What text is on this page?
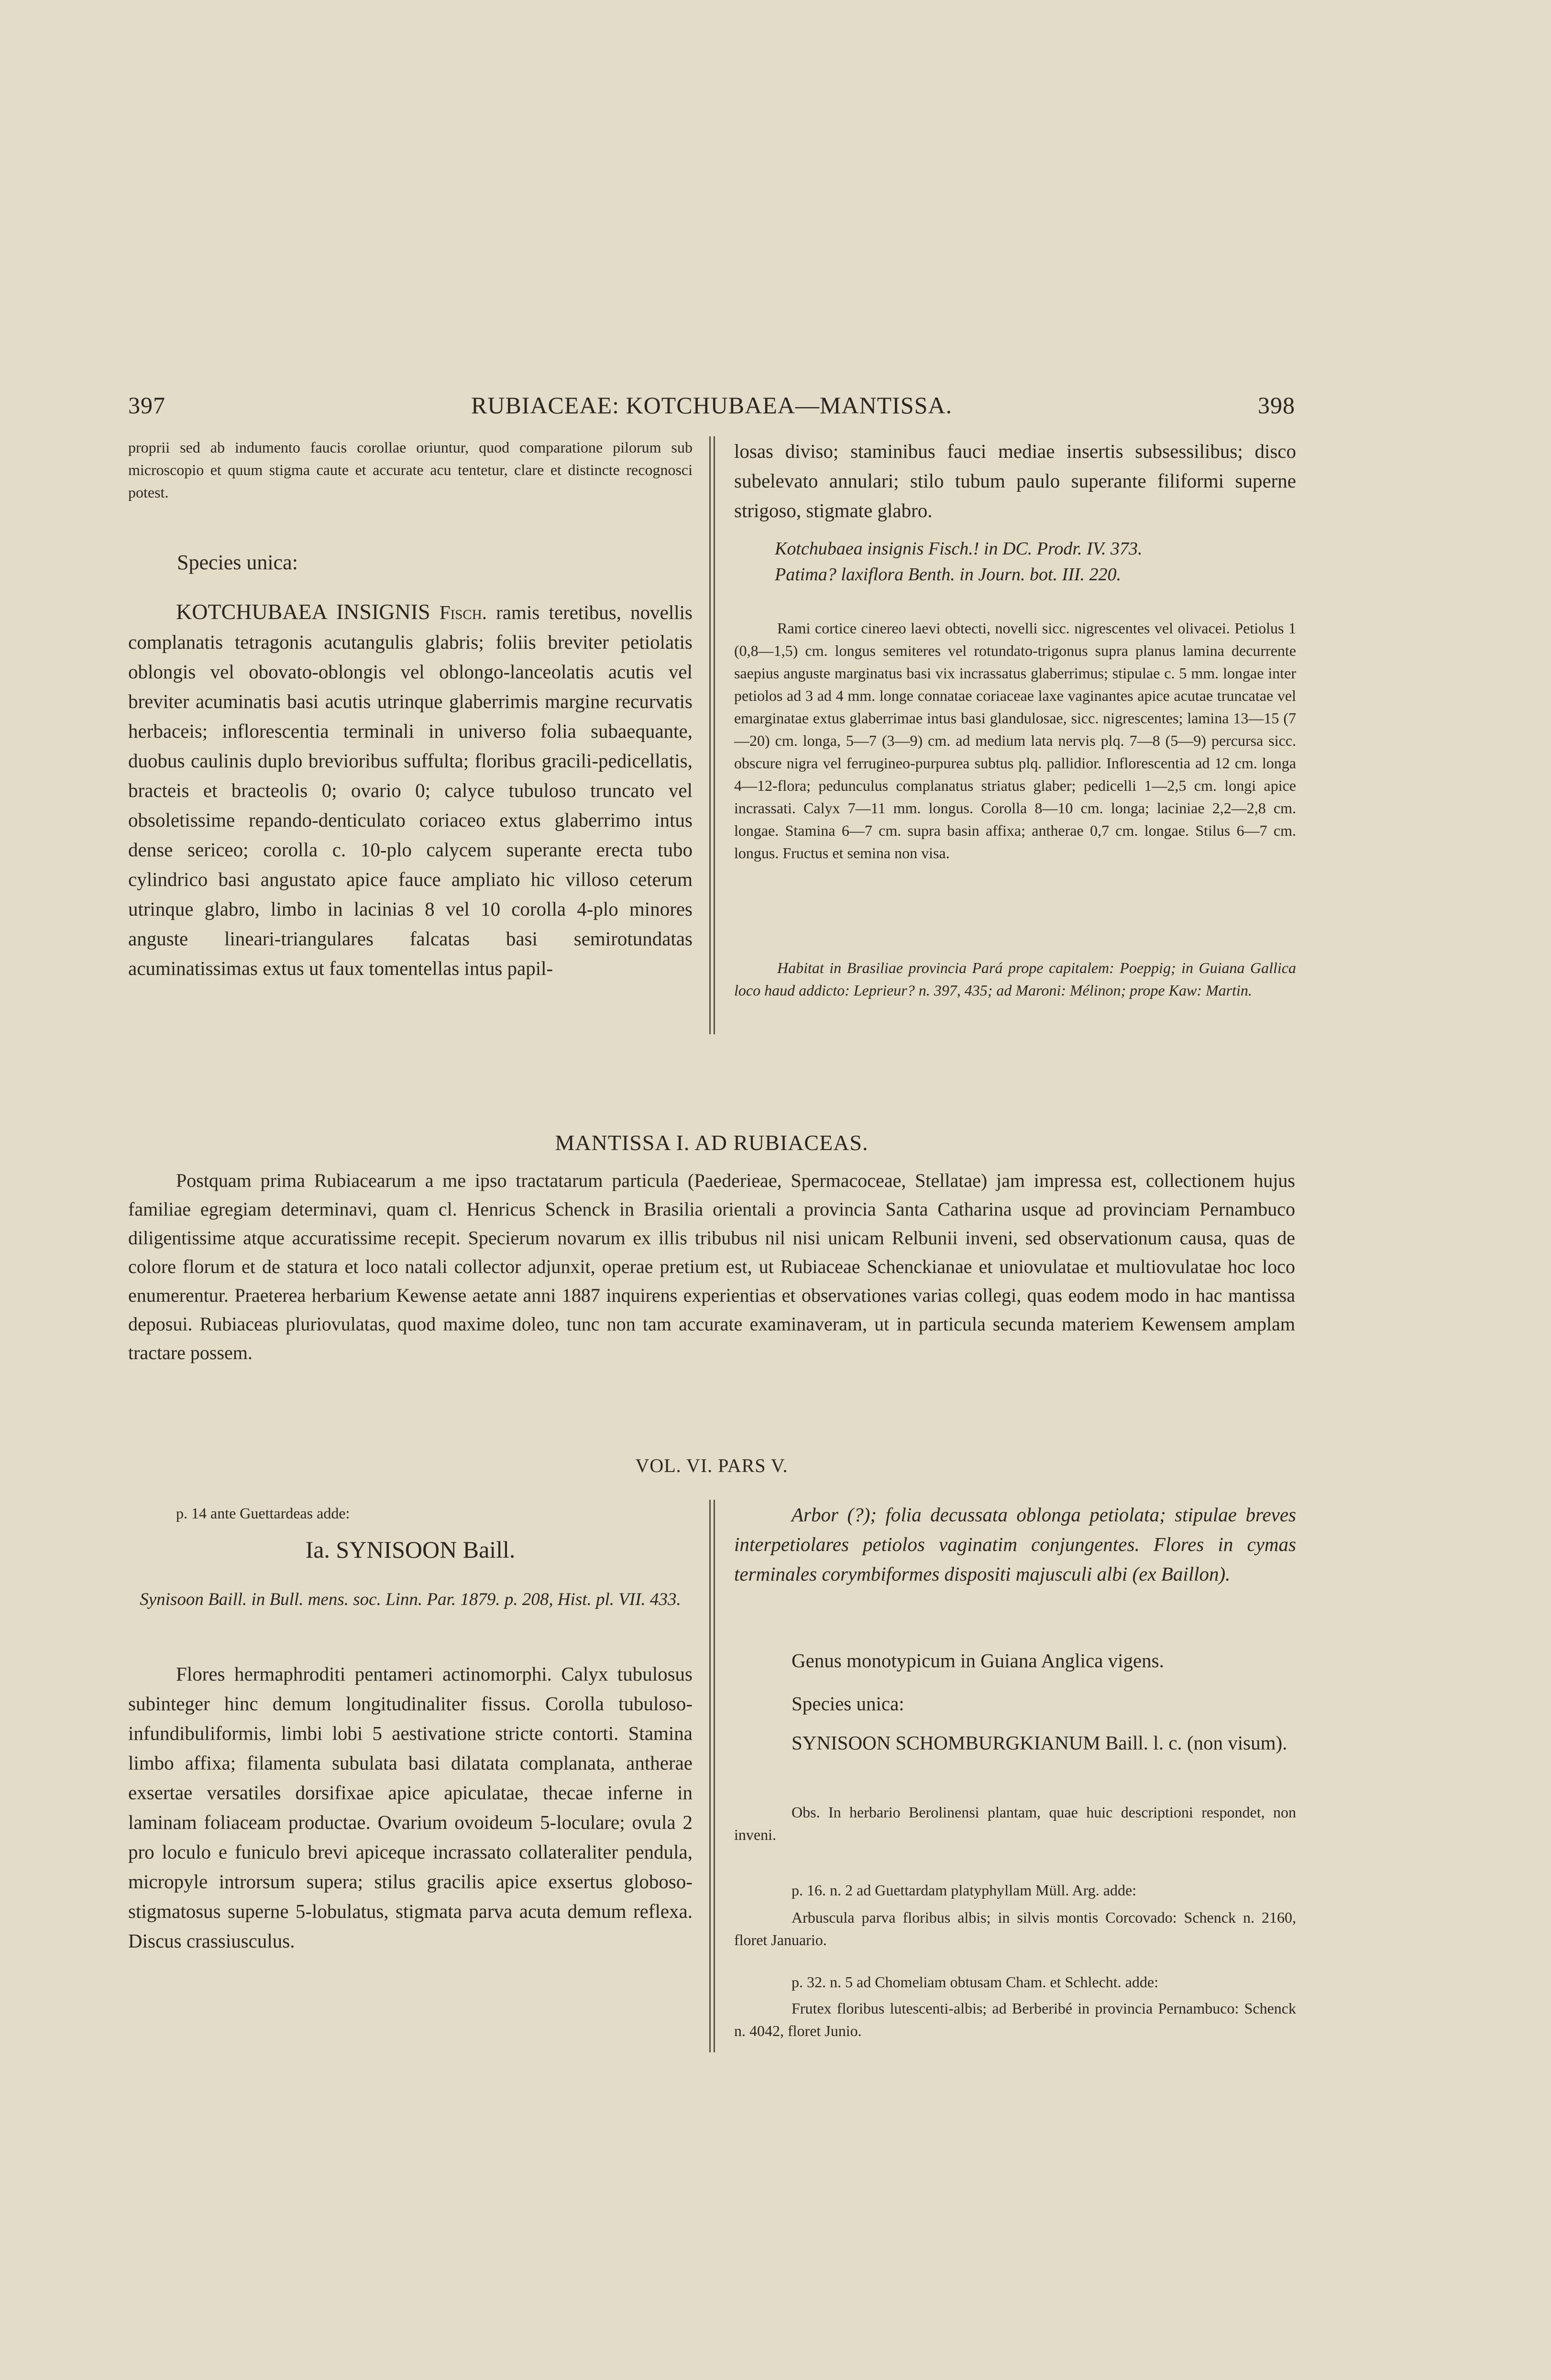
397	RUBIACEAE: KOTCHUBAEA—MANTISSA.	398

proprii sed ab indumento faucis corollae oriuntur, quod comparatione pilorum sub microscopio et quum stigma caute et accurate acu tentetur, clare et distincte recognosci potest.

Species unica:

KOTCHUBAEA INSIGNIS Fisch. ramis teretibus, novellis complanatis tetragonis acutangulis glabris; foliis breviter petiolatis oblongis vel obovato-oblongis vel oblongo-lanceolatis acutis vel breviter acuminatis basi acutis utrinque glaberrimis margine recurvatis herbaceis; inflorescentia terminali in universo folia subaequante, duobus caulinis duplo brevioribus suffulta; floribus gracili-pedicellatis, bracteis et bracteolis 0; ovario 0; calyce tubuloso truncato vel obsoletissime repando-denticulato coriaceo extus glaberrimo intus dense sericeo; corolla c. 10-plo calycem superante erecta tubo cylindrico basi angustato apice fauce ampliato hic villoso ceterum utrinque glabro, limbo in lacinias 8 vel 10 corolla 4-plo minores anguste lineari-triangulares falcatas basi semirotundatas acuminatissimas extus ut faux tomentellas intus papil-

losas diviso; staminibus fauci mediae insertis subsessilibus; disco subelevato annulari; stilo tubum paulo superante filiformi superne strigoso, stigmate glabro.

Kotchubaea insignis Fisch.! in DC. Prodr. IV. 373.
Patima? laxiflora Benth. in Journ. bot. III. 220.

Rami cortice cinereo laevi obtecti, novelli sicc. nigrescentes vel olivacei. Petiolus 1 (0,8—1,5) cm. longus semiteres vel rotundato-trigonus supra planus lamina decurrente saepius anguste marginatus basi vix incrassatus glaberrimus; stipulae c. 5 mm. longae inter petiolos ad 3 ad 4 mm. longe connatae coriaceae laxe vaginantes apice acutae truncatae vel emarginatae extus glaberrimae intus basi glandulosae, sicc. nigrescentes; lamina 13—15 (7—20) cm. longa, 5—7 (3—9) cm. ad medium lata nervis plq. 7—8 (5—9) percursa sicc. obscure nigra vel ferrugineo-purpurea subtus plq. pallidior. Inflorescentia ad 12 cm. longa 4—12-flora; pedunculus complanatus striatus glaber; pedicelli 1—2,5 cm. longi apice incrassati. Calyx 7—11 mm. longus. Corolla 8—10 cm. longa; laciniae 2,2—2,8 cm. longae. Stamina 6—7 cm. supra basin affixa; antherae 0,7 cm. longae. Stilus 6—7 cm. longus. Fructus et semina non visa.

Habitat in Brasiliae provincia Pará prope capitalem: Poeppig; in Guiana Gallica loco haud addicto: Leprieur? n. 397, 435; ad Maroni: Mélinon; prope Kaw: Martin.

MANTISSA I. AD RUBIACEAS.

Postquam prima Rubiacearum a me ipso tractatarum particula (Paederieae, Spermacoceae, Stellatae) jam impressa est, collectionem hujus familiae egregiam determinavi, quam cl. Henricus Schenck in Brasilia orientali a provincia Santa Catharina usque ad provinciam Pernambuco diligentissime atque accuratissime recepit. Specierum novarum ex illis tribubus nil nisi unicam Relbunii inveni, sed observationum causa, quas de colore florum et de statura et loco natali collector adjunxit, operae pretium est, ut Rubiaceae Schenckianae et uniovulatae et multiovulatae hoc loco enumerentur. Praeterea herbarium Kewense aetate anni 1887 inquirens experientias et observationes varias collegi, quas eodem modo in hac mantissa deposui. Rubiaceas pluriovulatas, quod maxime doleo, tunc non tam accurate examinaveram, ut in particula secunda materiem Kewensem amplam tractare possem.

VOL. VI. PARS V.
p. 14 ante Guettardeas adde:
Ia. SYNISOON Baill.
Synisoon Baill. in Bull. mens. soc. Linn. Par. 1879. p. 208, Hist. pl. VII. 433.

Flores hermaphroditi pentameri actinomorphi. Calyx tubulosus subinteger hinc demum longitudinaliter fissus. Corolla tubuloso-infundibuliformis, limbi lobi 5 aestivatione stricte contorti. Stamina limbo affixa; filamenta subulata basi dilatata complanata, antherae exsertae versatiles dorsifixae apice apiculatae, thecae inferne in laminam foliaceam productae. Ovarium ovoideum 5-loculare; ovula 2 pro loculo e funiculo brevi apiceque incrassato collateraliter pendula, micropyle introrsum supera; stilus gracilis apice exsertus globoso-stigmatosus superne 5-lobulatus, stigmata parva acuta demum reflexa. Discus crassiusculus.

Arbor (?); folia decussata oblonga petiolata; stipulae breves interpetiolares petiolos vaginatim conjungentes. Flores in cymas terminales corymbiformes dispositi majusculi albi (ex Baillon).

Genus monotypicum in Guiana Anglica vigens.
Species unica:

SYNISOON SCHOMBURGKIANUM Baill. l. c. (non visum).

Obs. In herbario Berolinensi plantam, quae huic descriptioni respondet, non inveni.

p. 16. n. 2 ad Guettardam platyphyllam Müll. Arg. adde:

Arbuscula parva floribus albis; in silvis montis Corcovado: Schenck n. 2160, floret Januario.

p. 32. n. 5 ad Chomeliam obtusam Cham. et Schlecht. adde:

Frutex floribus lutescenti-albis; ad Berberibé in provincia Pernambuco: Schenck n. 4042, floret Junio.
